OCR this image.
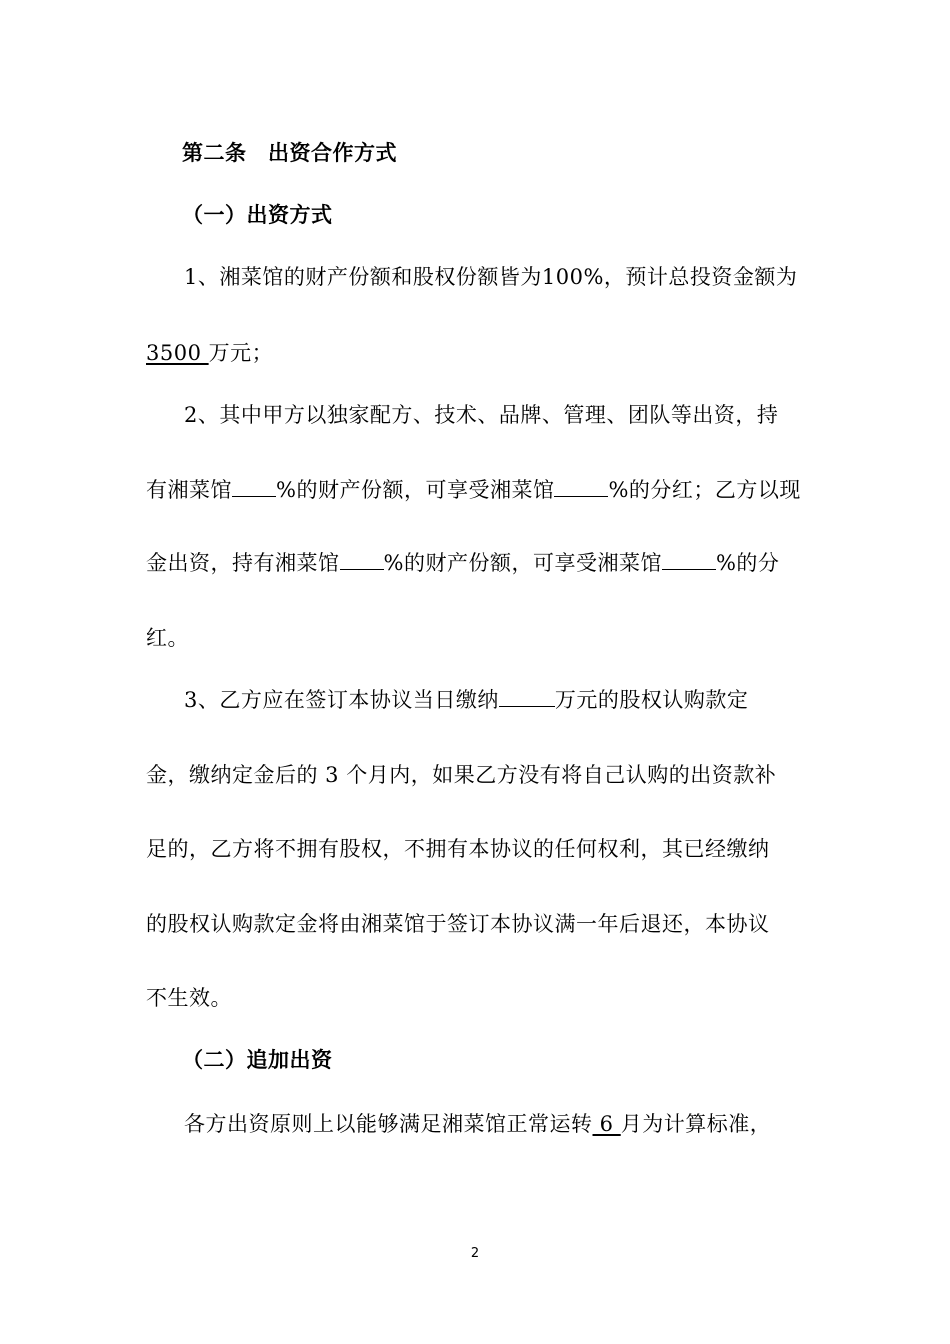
第二条　出资合作方式
（一）出资方式
1、湘菜馆的财产份额和股权份额皆为100%，预计总投资金额为
3500 万元；
2、其中甲方以独家配方、技术、品牌、管理、团队等出资，持
有湘菜馆 %的财产份额，可享受湘菜馆	%的分红；乙方以现
金出资，持有湘菜馆 %的财产份额，可享受湘菜馆	%的分
红。
3、乙方应在签订本协议当日缴纳	万元的股权认购款定
金，缴纳定金后的 3 个月内，如果乙方没有将自己认购的出资款补
足的，乙方将不拥有股权，不拥有本协议的任何权利，其已经缴纳
的股权认购款定金将由湘菜馆于签订本协议满一年后退还，本协议
不生效。
（二）追加出资
各方出资原则上以能够满足湘菜馆正常运转 6 月为计算标准，
2
